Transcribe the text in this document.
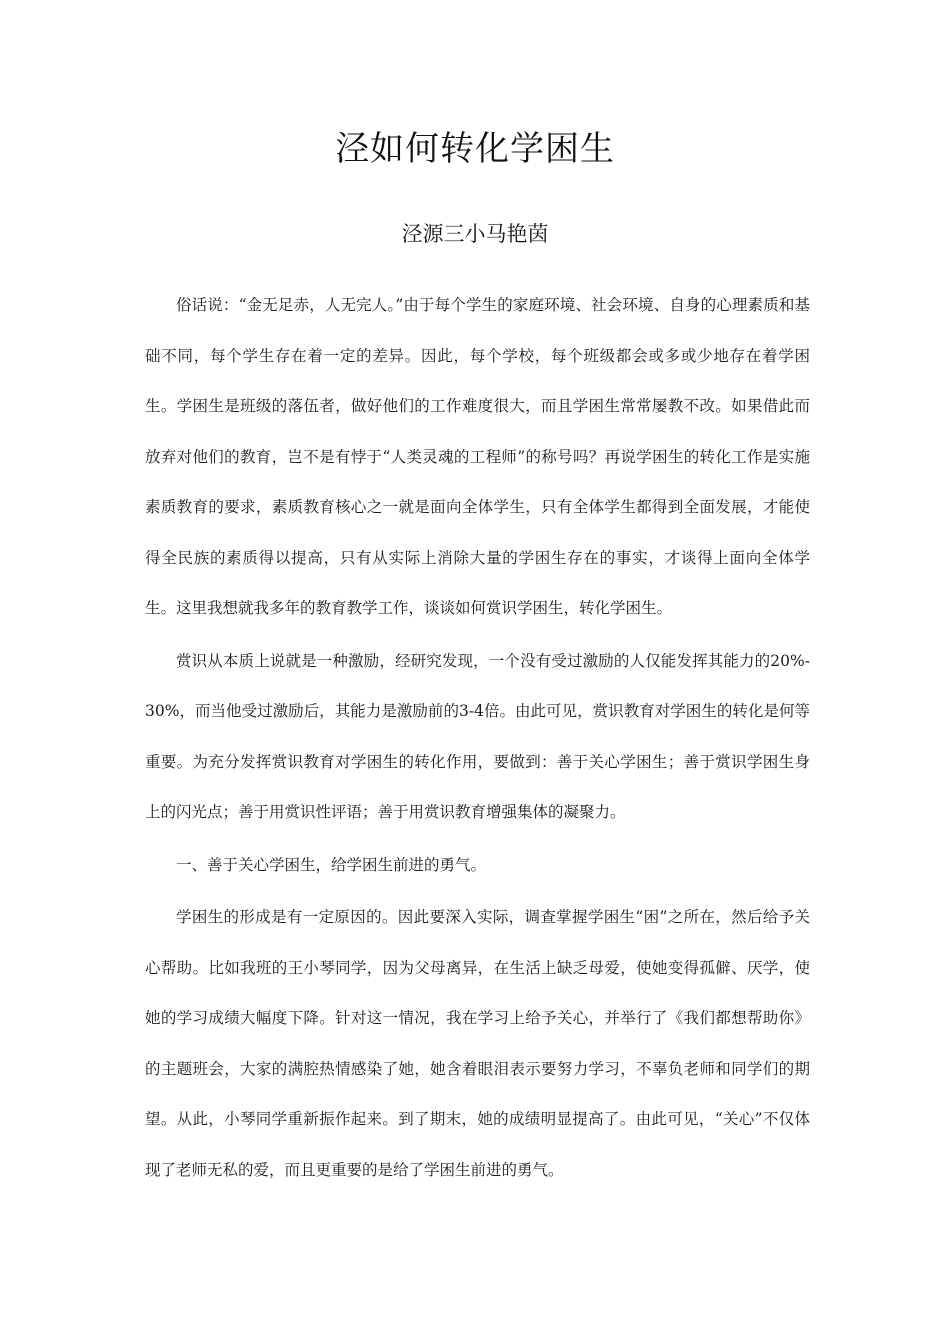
泾如何转化学困生
泾源三小马艳茵

俗话说：“金无足赤，人无完人。”由于每个学生的家庭环境、社会环境、自身的心理素质和基础不同，每个学生存在着一定的差异。因此，每个学校，每个班级都会或多或少地存在着学困生。学困生是班级的落伍者，做好他们的工作难度很大，而且学困生常常屡教不改。如果借此而放弃对他们的教育，岂不是有悖于“人类灵魂的工程师”的称号吗？再说学困生的转化工作是实施素质教育的要求，素质教育核心之一就是面向全体学生，只有全体学生都得到全面发展，才能使得全民族的素质得以提高，只有从实际上消除大量的学困生存在的事实，才谈得上面向全体学生。这里我想就我多年的教育教学工作，谈谈如何赏识学困生，转化学困生。

赏识从本质上说就是一种激励，经研究发现，一个没有受过激励的人仅能发挥其能力的20%-30%，而当他受过激励后，其能力是激励前的3-4倍。由此可见，赏识教育对学困生的转化是何等重要。为充分发挥赏识教育对学困生的转化作用，要做到：善于关心学困生；善于赏识学困生身上的闪光点；善于用赏识性评语；善于用赏识教育增强集体的凝聚力。

一、善于关心学困生，给学困生前进的勇气。

学困生的形成是有一定原因的。因此要深入实际，调查掌握学困生“困”之所在，然后给予关心帮助。比如我班的王小琴同学，因为父母离异，在生活上缺乏母爱，使她变得孤僻、厌学，使她的学习成绩大幅度下降。针对这一情况，我在学习上给予关心，并举行了《我们都想帮助你》的主题班会，大家的满腔热情感染了她，她含着眼泪表示要努力学习，不辜负老师和同学们的期望。从此，小琴同学重新振作起来。到了期末，她的成绩明显提高了。由此可见，“关心”不仅体现了老师无私的爱，而且更重要的是给了学困生前进的勇气。
